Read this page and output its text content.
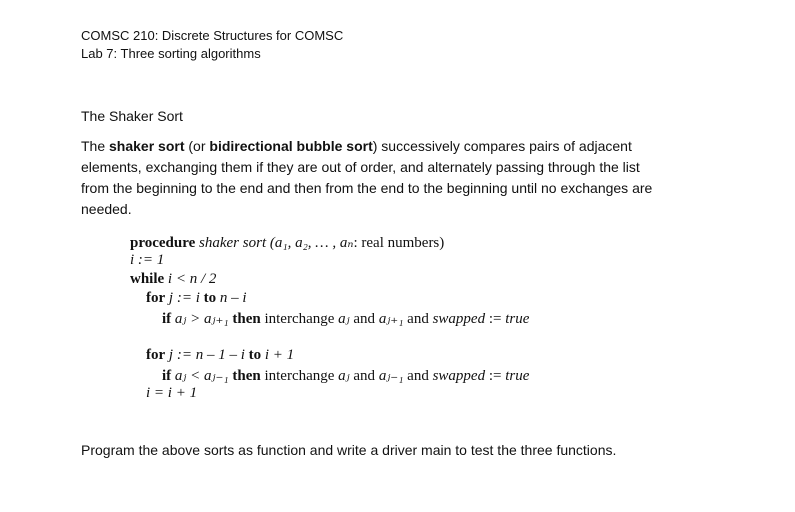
COMSC 210: Discrete Structures for COMSC
Lab 7: Three sorting algorithms
The Shaker Sort
The shaker sort (or bidirectional bubble sort) successively compares pairs of adjacent
elements, exchanging them if they are out of order, and alternately passing through the list
from the beginning to the end and then from the end to the beginning until no exchanges are
needed.
procedure shaker sort (a₁, a₂, … , aₙ: real numbers)
i := 1
while i < n / 2
for j := i to n – i
if aⱼ > aⱼ₊₁ then interchange aⱼ and aⱼ₊₁ and swapped := true
for j := n – 1 – i to i + 1
if aⱼ < aⱼ₋₁ then interchange aⱼ and aⱼ₋₁ and swapped := true
i = i + 1
Program the above sorts as function and write a driver main to test the three functions.
